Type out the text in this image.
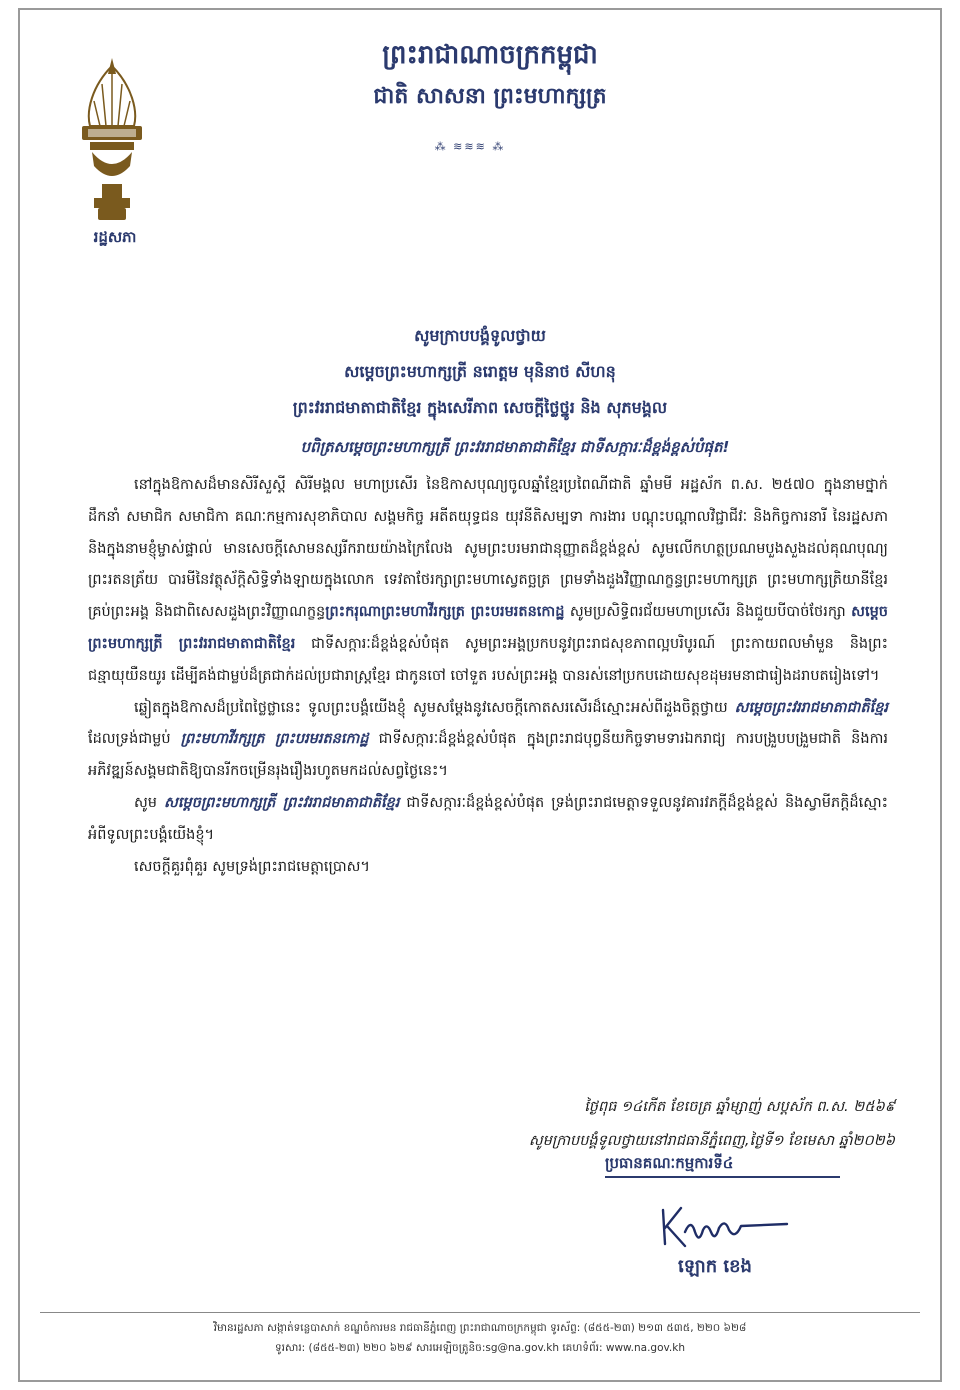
រដ្ឋសភា
ព្រះរាជាណាចក្រកម្ពុជា
ជាតិ សាសនា ព្រះមហាក្សត្រ
⁂ ≋≋≋ ⁂
សូមក្រាបបង្គំទូលថ្វាយ
សម្តេចព្រះមហាក្សត្រី នរោត្តម មុនិនាថ សីហនុ
ព្រះវររាជមាតាជាតិខ្មែរ ក្នុងសេរីភាព សេចក្តីថ្លៃថ្នូរ និង សុភមង្គល
បពិត្រសម្តេចព្រះមហាក្សត្រី ព្រះវររាជមាតាជាតិខ្មែរ ជាទីសក្ការៈដ៏ខ្ពង់ខ្ពស់បំផុត!

នៅក្នុងឱកាសដ៏មានសិរីសួស្តី សិរីមង្គល មហាប្រសើរ នៃឱកាសបុណ្យចូលឆ្នាំខ្មែរប្រពៃណីជាតិ ឆ្នាំមមី អដ្ឋស័ក ព.ស. ២៥៧០ ក្នុងនាមថ្នាក់ដឹកនាំ សមាជិក សមាជិកា គណៈកម្មការសុខាភិបាល សង្គមកិច្ច អតីតយុទ្ធជន យុវនីតិសម្បទា ការងារ បណ្តុះបណ្តាលវិជ្ជាជីវៈ និងកិច្ចការនារី នៃរដ្ឋសភា និងក្នុងនាមខ្ញុំម្ចាស់ផ្ទាល់ មានសេចក្តីសោមនស្សរីករាយយ៉ាងក្រៃលែង សូមព្រះបរមរាជានុញ្ញាតដ៏ខ្ពង់ខ្ពស់ សូមលើកហត្ថប្រណមបួងសួងដល់គុណបុណ្យព្រះរតនត្រ័យ បារមីនៃវត្ថុស័ក្តិសិទ្ធិទាំងឡាយក្នុងលោក ទេវតាថែរក្សាព្រះមហាស្វេតច្ឆត្រ ព្រមទាំងដួងវិញ្ញាណក្ខន្ធព្រះមហាក្សត្រ ព្រះមហាក្សត្រិយានីខ្មែរគ្រប់ព្រះអង្គ និងជាពិសេសដួងព្រះវិញ្ញាណក្ខន្ធព្រះករុណាព្រះមហាវីរក្សត្រ ព្រះបរមរតនកោដ្ឋ សូមប្រសិទ្ធិពរជ័យមហាប្រសើរ និងជួយបីបាច់ថែរក្សា សម្តេចព្រះមហាក្សត្រី ព្រះវររាជមាតាជាតិខ្មែរ ជាទីសក្ការៈដ៏ខ្ពង់ខ្ពស់បំផុត សូមព្រះអង្គប្រកបនូវព្រះរាជសុខភាពល្អបរិបូរណ៍ ព្រះកាយពលមាំមួន និងព្រះជន្មាយុយឺនយូរ ដើម្បីគង់ជាម្លប់ដ៏ត្រជាក់ដល់ប្រជារាស្ត្រខ្មែរ ជាកូនចៅ ចៅទួត របស់ព្រះអង្គ បានរស់នៅប្រកបដោយសុខដុមរមនាជារៀងដរាបតរៀងទៅ។

ឆ្លៀតក្នុងឱកាសដ៏ប្រពៃថ្លៃថ្លានេះ ទូលព្រះបង្គំយើងខ្ញុំ សូមសម្តែងនូវសេចក្តីកោតសរសើរដ៏ស្មោះអស់ពីដួងចិត្តថ្វាយ សម្តេចព្រះវររាជមាតាជាតិខ្មែរ ដែលទ្រង់ជាម្លប់ ព្រះមហាវីរក្សត្រ ព្រះបរមរតនកោដ្ឋ ជាទីសក្ការៈដ៏ខ្ពង់ខ្ពស់បំផុត ក្នុងព្រះរាជបុព្វនីយកិច្ចទាមទារឯករាជ្យ ការបង្រួបបង្រួមជាតិ និងការអភិវឌ្ឍន៍សង្គមជាតិឱ្យបានរីកចម្រើនរុងរឿងរហូតមកដល់សព្វថ្ងៃនេះ។

សូម សម្តេចព្រះមហាក្សត្រី ព្រះវររាជមាតាជាតិខ្មែរ ជាទីសក្ការៈដ៏ខ្ពង់ខ្ពស់បំផុត ទ្រង់ព្រះរាជមេត្តាទទួលនូវគារវភក្តីដ៏ខ្ពង់ខ្ពស់ និងស្វាមីភក្តិដ៏ស្មោះអំពីទូលព្រះបង្គំយើងខ្ញុំ។

សេចក្តីគួរពុំគួរ សូមទ្រង់ព្រះរាជមេត្តាប្រោស។

ថ្ងៃពុធ ១៤កើត ខែចេត្រ ឆ្នាំម្សាញ់ សប្តស័ក ព.ស. ២៥៦៩
សូមក្រាបបង្គំទូលថ្វាយនៅរាជធានីភ្នំពេញ,ថ្ងៃទី១ ខែមេសា ឆ្នាំ២០២៦
ប្រធានគណៈកម្មការទី៤
ឡោក ខេង
វិមានរដ្ឋសភា សង្កាត់ទន្លេបាសាក់ ខណ្ឌចំការមន រាជធានីភ្នំពេញ ព្រះរាជាណាចក្រកម្ពុជា ទូរស័ព្ទ: (៨៥៥-២៣) ២១៣ ៥៣៥, ២២០ ៦២៨
ទូរសារ: (៨៥៥-២៣) ២២០ ៦២៩ សារអេឡិចត្រូនិច:sg@na.gov.kh គេហទំព័រ: www.na.gov.kh
